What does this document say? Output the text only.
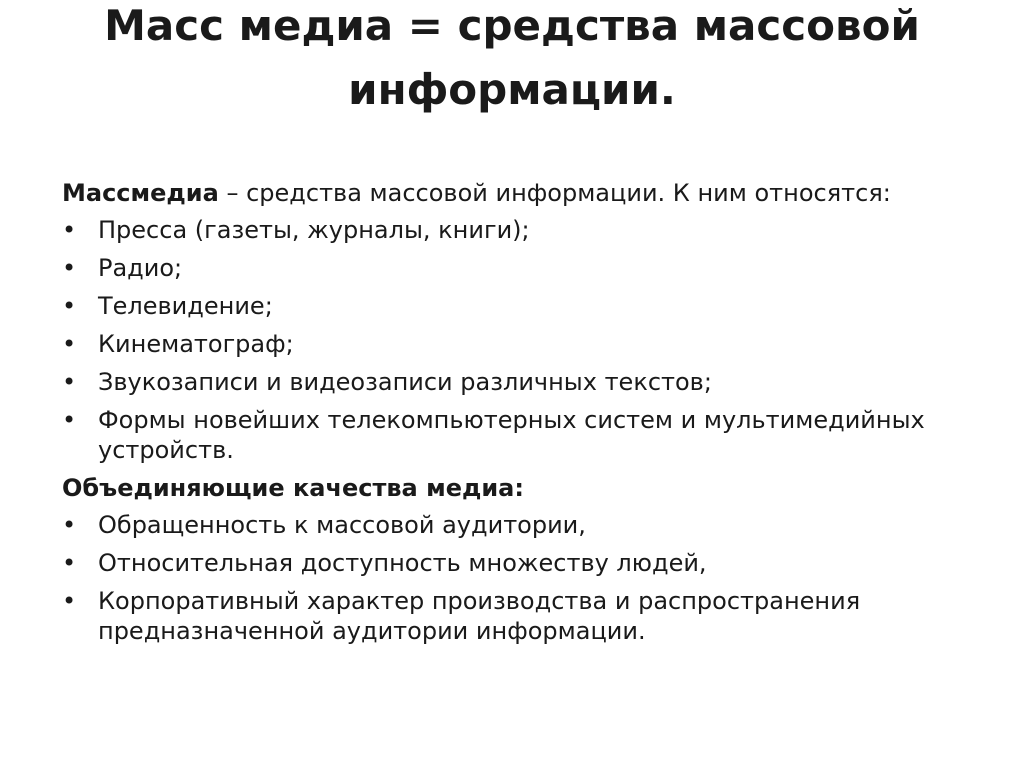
Масс медиа = средства массовой информации.

Массмедиа – средства массовой информации. К ним относятся:

• Пресса (газеты, журналы, книги);
• Радио;
• Телевидение;
• Кинематограф;
• Звукозаписи и видеозаписи различных текстов;
• Формы новейших телекомпьютерных систем и мультимедийных устройств.

Объединяющие качества медиа:

• Обращенность к массовой аудитории,
• Относительная доступность множеству людей,
• Корпоративный характер производства и распространения предназначенной аудитории информации.
